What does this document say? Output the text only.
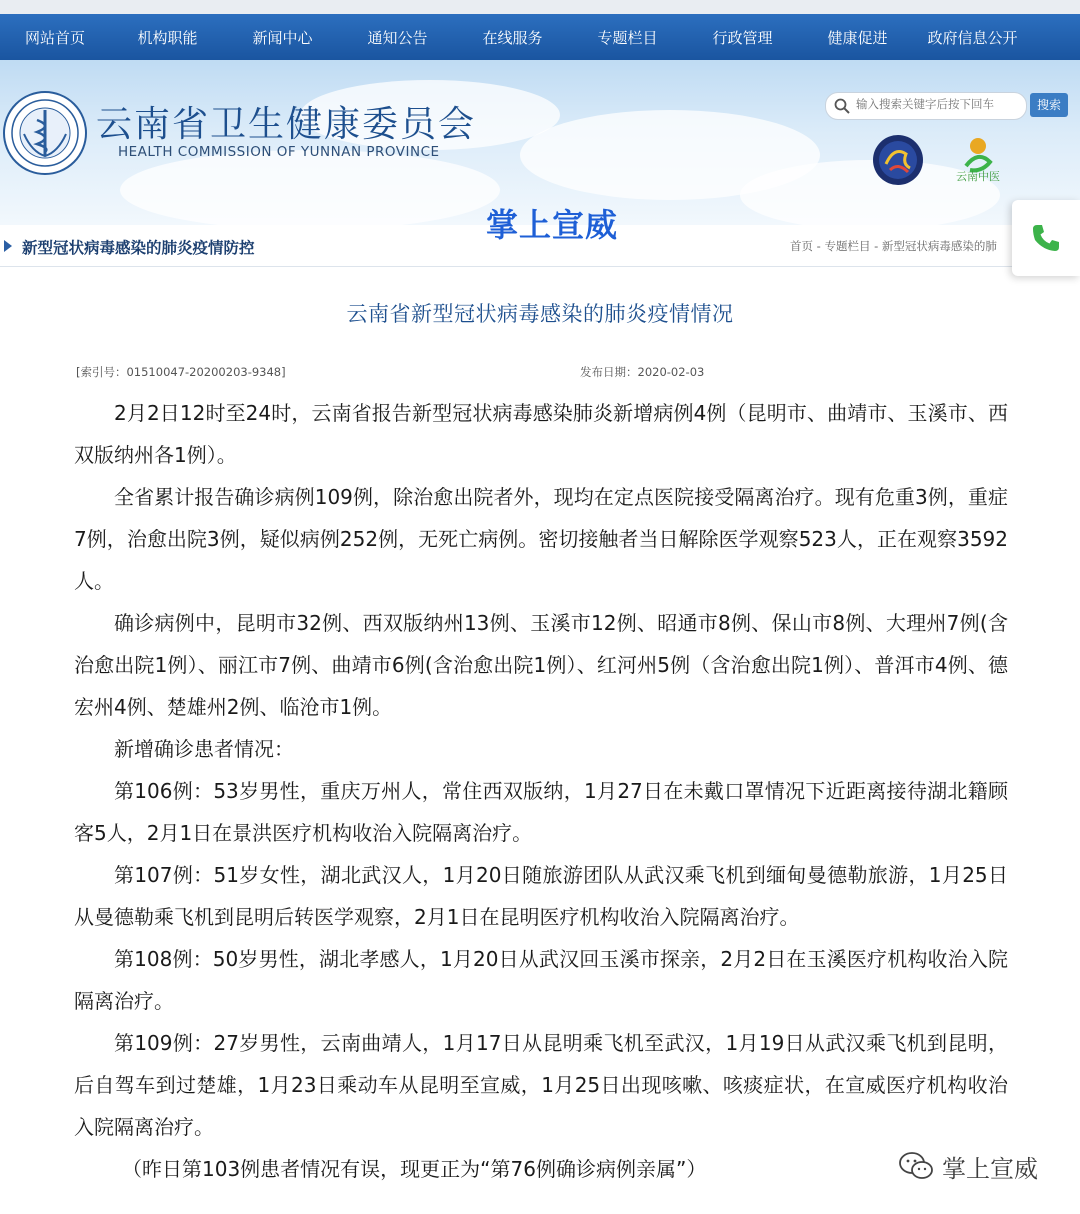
网站首页	机构职能	新闻中心	通知公告	在线服务	专题栏目	行政管理	健康促进	政府信息公开
云南省卫生健康委员会
HEALTH COMMISSION OF YUNNAN PROVINCE
输入搜索关键字后按下回车
搜索
云南中医
掌上宣威
新型冠状病毒感染的肺炎疫情防控	首页 - 专题栏目 - 新型冠状病毒感染的肺
云南省新型冠状病毒感染的肺炎疫情情况
[索引号：01510047-20200203-9348]	发布日期：2020-02-03

2月2日12时至24时，云南省报告新型冠状病毒感染肺炎新增病例4例（昆明市、曲靖市、玉溪市、西双版纳州各1例）。

全省累计报告确诊病例109例，除治愈出院者外，现均在定点医院接受隔离治疗。现有危重3例，重症7例，治愈出院3例，疑似病例252例，无死亡病例。密切接触者当日解除医学观察523人，正在观察3592人。

确诊病例中，昆明市32例、西双版纳州13例、玉溪市12例、昭通市8例、保山市8例、大理州7例(含治愈出院1例）、丽江市7例、曲靖市6例(含治愈出院1例）、红河州5例（含治愈出院1例）、普洱市4例、德宏州4例、楚雄州2例、临沧市1例。

新增确诊患者情况：

第106例：53岁男性，重庆万州人，常住西双版纳，1月27日在未戴口罩情况下近距离接待湖北籍顾客5人，2月1日在景洪医疗机构收治入院隔离治疗。

第107例：51岁女性，湖北武汉人，1月20日随旅游团队从武汉乘飞机到缅甸曼德勒旅游，1月25日从曼德勒乘飞机到昆明后转医学观察，2月1日在昆明医疗机构收治入院隔离治疗。

第108例：50岁男性，湖北孝感人，1月20日从武汉回玉溪市探亲，2月2日在玉溪医疗机构收治入院隔离治疗。

第109例：27岁男性，云南曲靖人，1月17日从昆明乘飞机至武汉，1月19日从武汉乘飞机到昆明，后自驾车到过楚雄，1月23日乘动车从昆明至宣威，1月25日出现咳嗽、咳痰症状，在宣威医疗机构收治入院隔离治疗。

（昨日第103例患者情况有误，现更正为“第76例确诊病例亲属”）	掌上宣威
